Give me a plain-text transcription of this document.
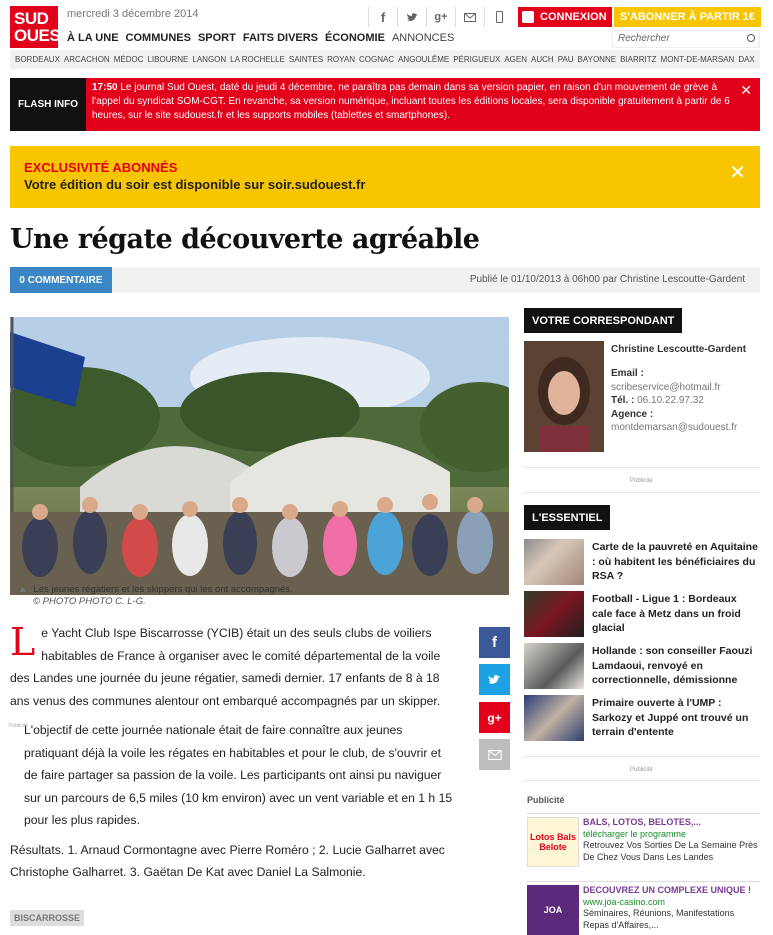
SUD OUEST
mercredi 3 décembre 2014	f	g+	CONNEXION	S'ABONNER À PARTIR 1€
À LA UNE COMMUNES SPORT FAITS DIVERS ÉCONOMIE ANNONCES	Rechercher
BORDEAUX ARCACHON MÉDOC LIBOURNE LANGON LA ROCHELLE SAINTES ROYAN COGNAC ANGOULÊME PÉRIGUEUX AGEN AUCH PAU BAYONNE BIARRITZ MONT-DE-MARSAN DAX
FLASH INFO
17:50 Le journal Sud Ouest, daté du jeudi 4 décembre, ne paraîtra pas demain dans sa version papier, en raison d'un mouvement de grève à l'appel du syndicat SOM-CGT. En revanche, sa version numérique, incluant toutes les éditions locales, sera disponible gratuitement à partir de 6 heures, sur le site sudouest.fr et les supports mobiles (tablettes et smartphones).
✕
EXCLUSIVITÉ ABONNÉS
Votre édition du soir est disponible sur soir.sudouest.fr
✕
Une régate découverte agréable
0 COMMENTAIRE	Publié le 01/10/2013 à 06h00 par Christine Lescoutte-Gardent
▲ Les jeunes régatiers et les skippers qui les ont accompagnés.
© PHOTO PHOTO C. L-G.

Le Yacht Club Ispe Biscarrosse (YCIB) était un des seuls clubs de voiliers habitables de France à organiser avec le comité départemental de la voile des Landes une journée du jeune régatier, samedi dernier. 17 enfants de 8 à 18 ans venus des communes alentour ont embarqué accompagnés par un skipper.

Publicité
L'objectif de cette journée nationale était de faire connaître aux jeunes pratiquant déjà la voile les régates en habitables et pour le club, de s'ouvrir et de faire partager sa passion de la voile. Les participants ont ainsi pu naviguer sur un parcours de 6,5 miles (10 km environ) avec un vent variable et en 1 h 15 pour les plus rapides.

Résultats. 1. Arnaud Cormontagne avec Pierre Roméro ; 2. Lucie Galharret avec Christophe Galharret. 3. Gaëtan De Kat avec Daniel La Salmonie.

BISCARROSSE
f
g+
VOTRE CORRESPONDANT
Christine Lescoutte-Gardent
Email :
scribeservice@hotmail.fr
Tél. : 06.10.22.97.32
Agence :
montdemarsan@sudouest.fr
Publicité
L'ESSENTIEL
Carte de la pauvreté en Aquitaine : où habitent les bénéficiaires du RSA ?
Football - Ligue 1 : Bordeaux cale face à Metz dans un froid glacial
Hollande : son conseiller Faouzi Lamdaoui, renvoyé en correctionnelle, démissionne
Primaire ouverte à l'UMP : Sarkozy et Juppé ont trouvé un terrain d'entente
Publicité
Publicité
Lotos Bals Belote
BALS, LOTOS, BELOTES,...
télécharger le programme
Retrouvez Vos Sorties De La Semaine Près De Chez Vous Dans Les Landes
JOA
DECOUVREZ UN COMPLEXE UNIQUE !
www.joa-casino.com
Séminaires, Réunions, Manifestations Repas d'Affaires,...
